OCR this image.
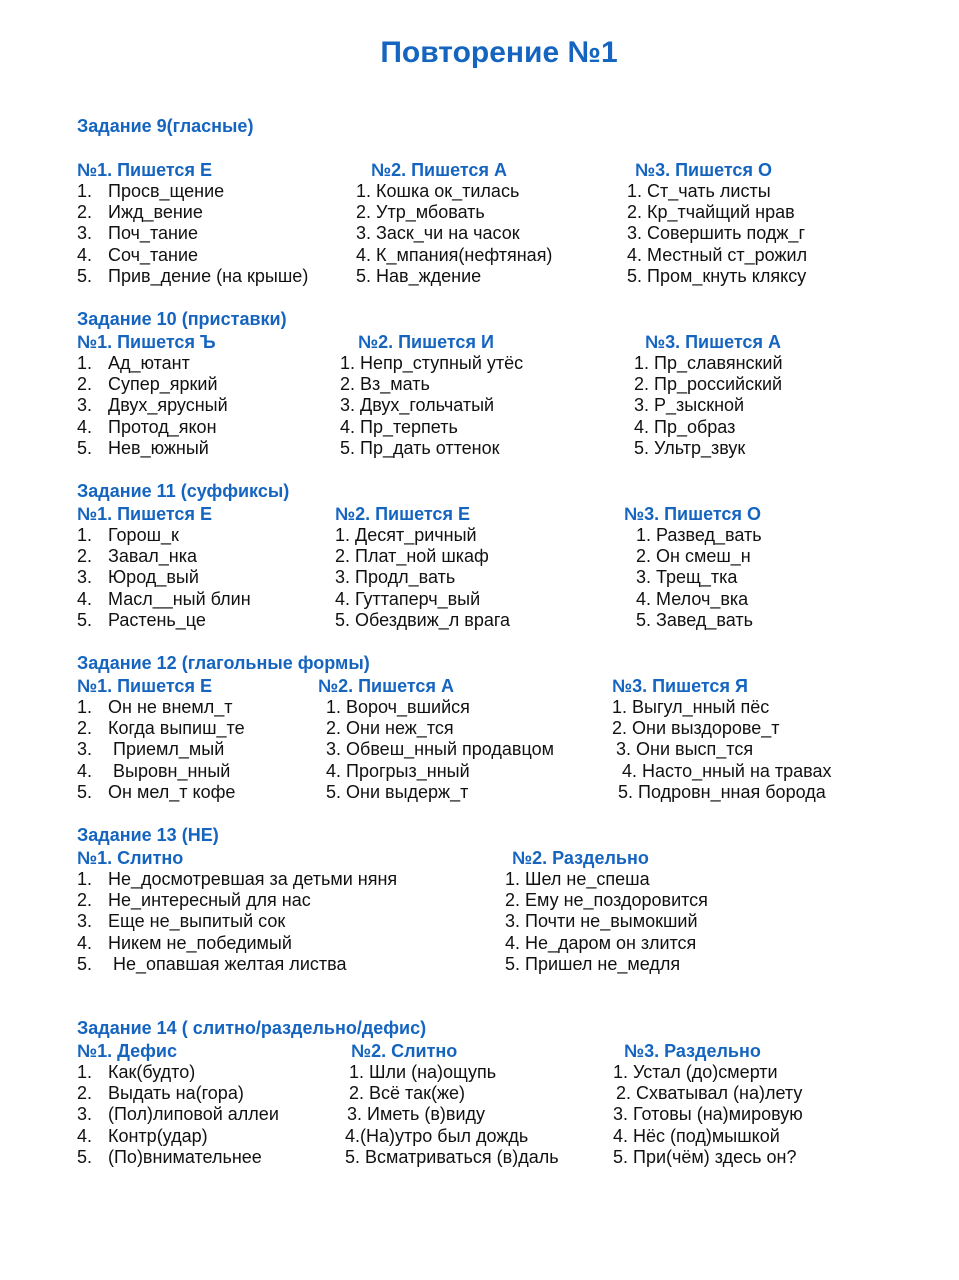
Повторение №1
Задание 9(гласные)
№1. Пишется Е
1. Просв_щение
2. Ижд_вение
3. Поч_тание
4. Соч_тание
5. Прив_дение (на крыше)
№2. Пишется А
1. Кошка ок_тилась
2. Утр_мбовать
3. Заск_чи на часок
4. К_мпания(нефтяная)
5. Нав_ждение
№3. Пишется О
1. Ст_чать листы
2. Кр_тчайщий нрав
3. Совершить подж_г
4. Местный ст_рожил
5. Пром_кнуть кляксу
Задание 10 (приставки)
№1. Пишется Ъ
1. Ад_ютант
2. Супер_яркий
3. Двух_ярусный
4. Протод_якон
5. Нев_южный
№2. Пишется И
1. Непр_ступный утёс
2. Вз_мать
3. Двух_гольчатый
4. Пр_терпеть
5. Пр_дать оттенок
№3. Пишется А
1. Пр_славянский
2. Пр_российский
3. Р_зыскной
4. Пр_образ
5. Ультр_звук
Задание 11 (суффиксы)
№1. Пишется Е
1. Горош_к
2. Завал_нка
3. Юрод_вый
4. Масл__ный блин
5. Растень_це
№2. Пишется Е
1. Десят_ричный
2. Плат_ной шкаф
3. Продл_вать
4. Гуттаперч_вый
5. Обездвиж_л врага
№3. Пишется О
1. Развед_вать
2. Он смеш_н
3. Трещ_тка
4. Мелоч_вка
5. Завед_вать
Задание 12 (глагольные формы)
№1. Пишется Е
1. Он не внемл_т
2. Когда выпиш_те
3. Приемл_мый
4. Выровн_нный
5. Он мел_т кофе
№2. Пишется А
1. Вороч_вшийся
2. Они неж_тся
3. Обвеш_нный продавцом
4. Прогрыз_нный
5. Они выдерж_т
№3. Пишется Я
1. Выгул_нный пёс
2. Они выздорове_т
3. Они высп_тся
4. Насто_нный на травах
5. Подровн_нная борода
Задание 13 (НЕ)
№1. Слитно
1. Не_досмотревшая за детьми няня
2. Не_интересный для нас
3. Еще не_выпитый сок
4. Никем не_победимый
5. Не_опавшая желтая листва
№2. Раздельно
1. Шел не_спеша
2. Ему не_поздоровится
3. Почти не_вымокший
4. Не_даром он злится
5. Пришел не_медля
Задание 14 ( слитно/раздельно/дефис)
№1. Дефис
1. Как(будто)
2. Выдать на(гора)
3. (Пол)липовой аллеи
4. Контр(удар)
5. (По)внимательнее
№2. Слитно
1. Шли (на)ощупь
2. Всё так(же)
3. Иметь (в)виду
4.(На)утро был дождь
5. Всматриваться (в)даль
№3. Раздельно
1. Устал (до)смерти
2. Схватывал (на)лету
3. Готовы (на)мировую
4. Нёс (под)мышкой
5. При(чём) здесь он?
